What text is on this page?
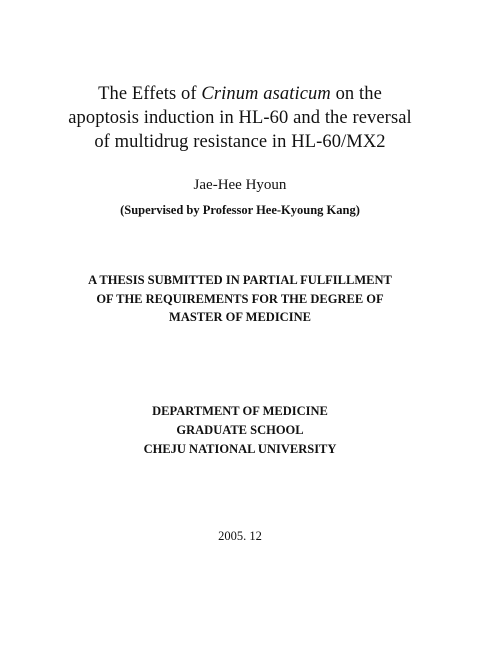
The Effets of Crinum asaticum on the
apoptosis induction in HL-60 and the reversal
of multidrug resistance in HL-60/MX2
Jae-Hee Hyoun
(Supervised by Professor Hee-Kyoung Kang)
A THESIS SUBMITTED IN PARTIAL FULFILLMENT
OF THE REQUIREMENTS FOR THE DEGREE OF
MASTER OF MEDICINE
DEPARTMENT OF MEDICINE
GRADUATE SCHOOL
CHEJU NATIONAL UNIVERSITY
2005. 12
